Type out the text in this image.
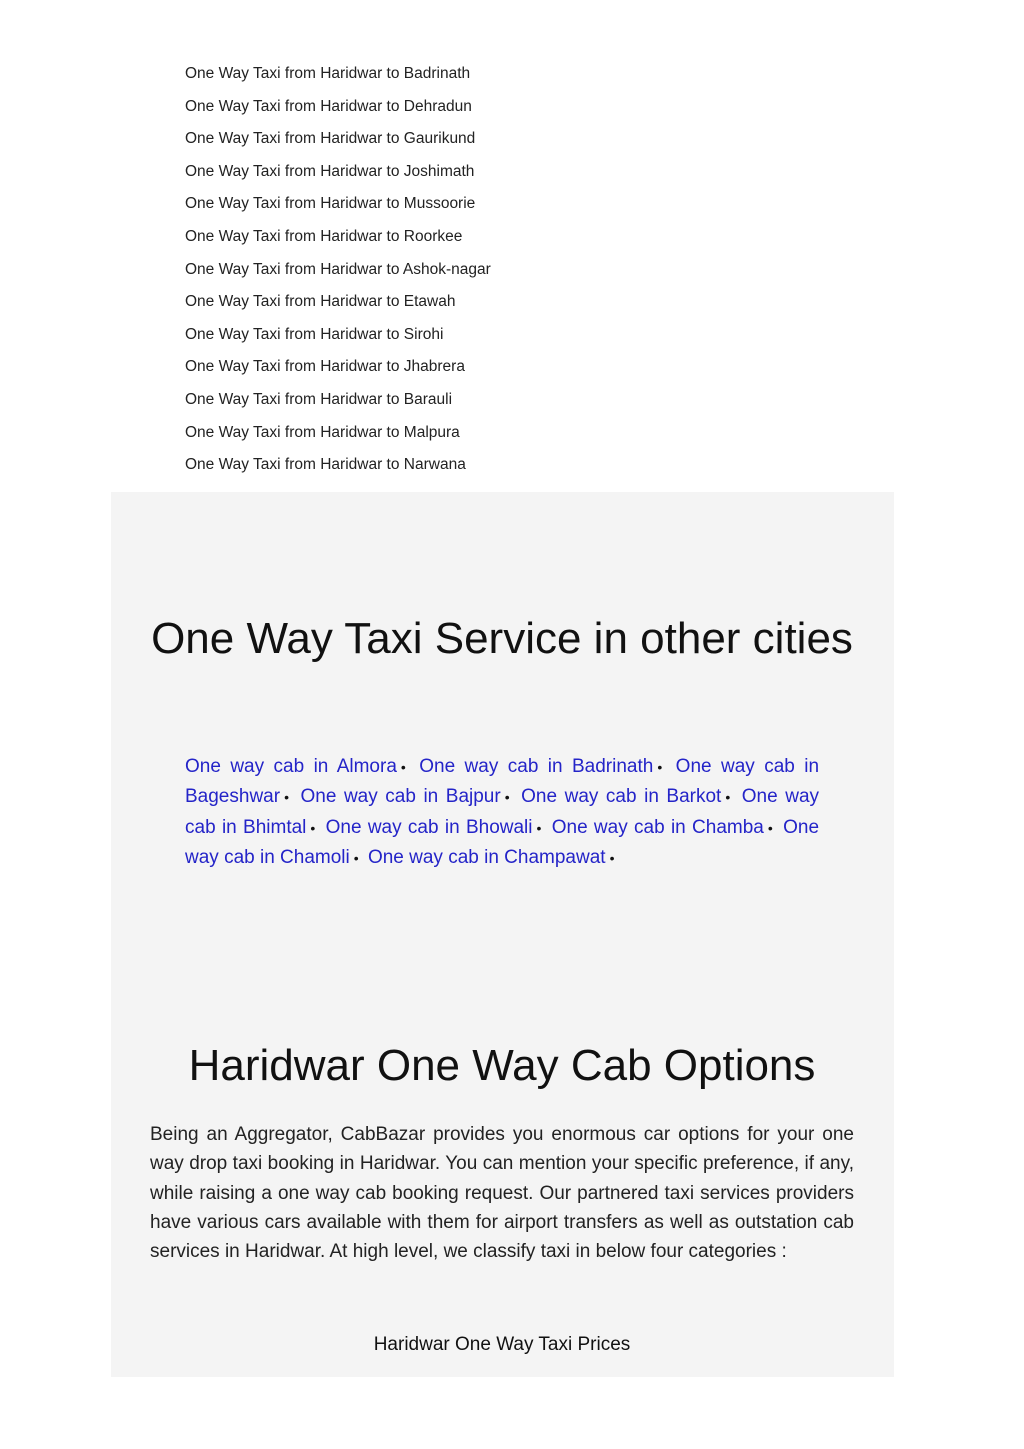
One Way Taxi from Haridwar to Badrinath
One Way Taxi from Haridwar to Dehradun
One Way Taxi from Haridwar to Gaurikund
One Way Taxi from Haridwar to Joshimath
One Way Taxi from Haridwar to Mussoorie
One Way Taxi from Haridwar to Roorkee
One Way Taxi from Haridwar to Ashok-nagar
One Way Taxi from Haridwar to Etawah
One Way Taxi from Haridwar to Sirohi
One Way Taxi from Haridwar to Jhabrera
One Way Taxi from Haridwar to Barauli
One Way Taxi from Haridwar to Malpura
One Way Taxi from Haridwar to Narwana
One Way Taxi Service in other cities

One way cab in Almora • One way cab in Badrinath • One way cab in Bageshwar • One way cab in Bajpur • One way cab in Barkot • One way cab in Bhimtal • One way cab in Bhowali • One way cab in Chamba • One way cab in Chamoli • One way cab in Champawat •

Haridwar One Way Cab Options

Being an Aggregator, CabBazar provides you enormous car options for your one way drop taxi booking in Haridwar. You can mention your specific preference, if any, while raising a one way cab booking request. Our partnered taxi services providers have various cars available with them for airport transfers as well as outstation cab services in Haridwar. At high level, we classify taxi in below four categories :

Haridwar One Way Taxi Prices
